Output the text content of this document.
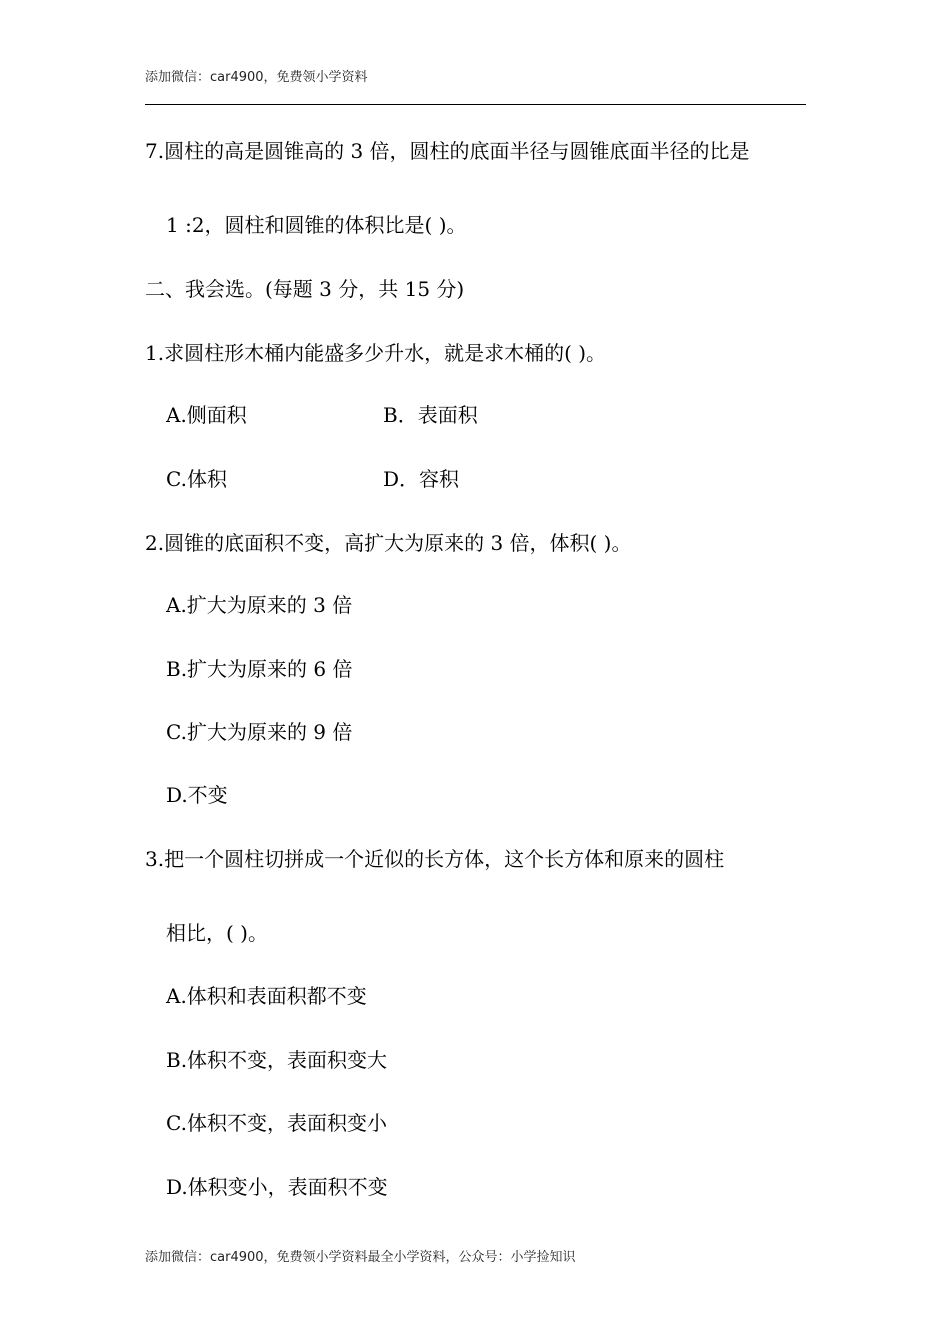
添加微信：car4900，免费领小学资料
7.圆柱的高是圆锥高的 3 倍，圆柱的底面半径与圆锥底面半径的比是
1 :2，圆柱和圆锥的体积比是( )。
二、我会选。(每题 3 分，共 15 分)
1.求圆柱形木桶内能盛多少升水，就是求木桶的( )。
A.侧面积	B．表面积
C.体积	D．容积
2.圆锥的底面积不变，高扩大为原来的 3 倍，体积( )。
A.扩大为原来的 3 倍
B.扩大为原来的 6 倍
C.扩大为原来的 9 倍
D.不变
3.把一个圆柱切拼成一个近似的长方体，这个长方体和原来的圆柱
相比，( )。
A.体积和表面积都不变
B.体积不变，表面积变大
C.体积不变，表面积变小
D.体积变小，表面积不变
添加微信：car4900，免费领小学资料最全小学资料，公众号：小学捡知识
